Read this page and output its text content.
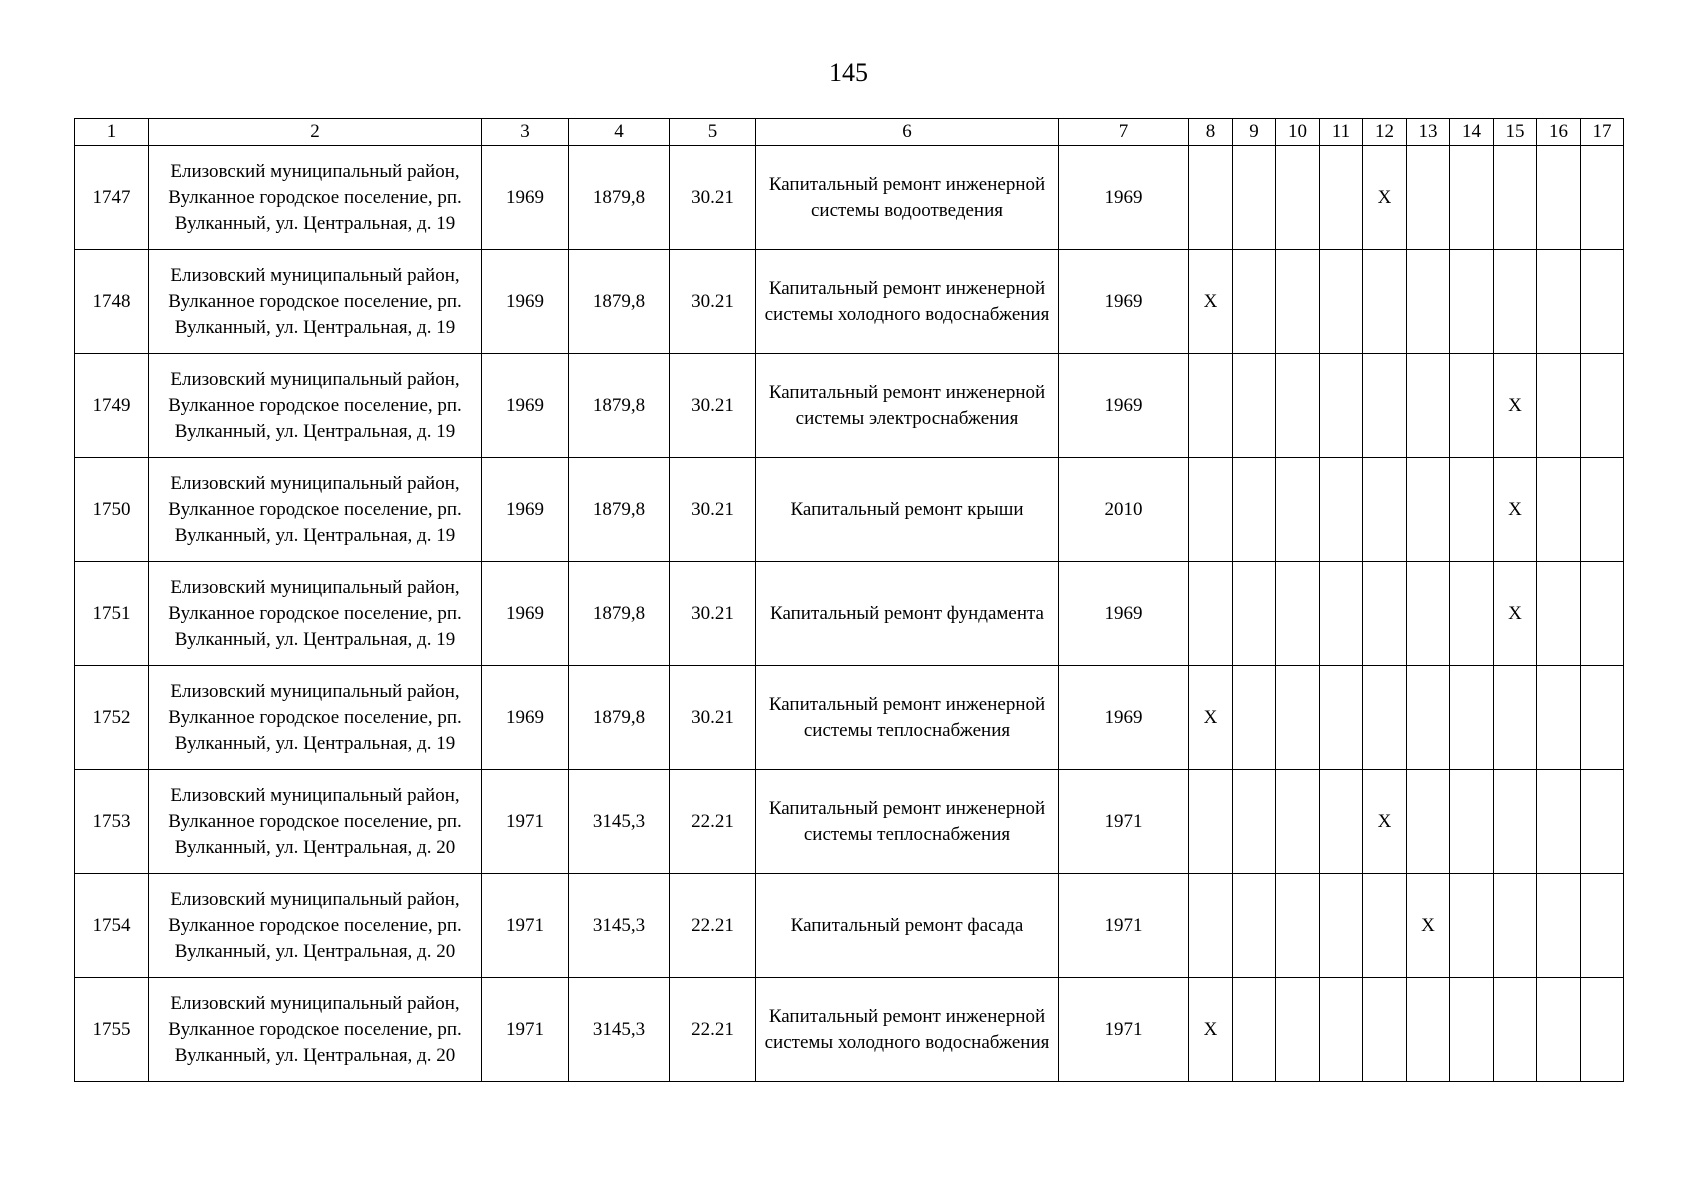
145
1	2	3	4	5	6	7	8	9	10	11	12	13	14	15	16	17
1747	Елизовский муниципальный район, Вулканное городское поселение, рп. Вулканный, ул. Центральная, д. 19	1969	1879,8	30.21	Капитальный ремонт инженерной системы водоотведения	1969					X					
1748	Елизовский муниципальный район, Вулканное городское поселение, рп. Вулканный, ул. Центральная, д. 19	1969	1879,8	30.21	Капитальный ремонт инженерной системы холодного водоснабжения	1969	X									
1749	Елизовский муниципальный район, Вулканное городское поселение, рп. Вулканный, ул. Центральная, д. 19	1969	1879,8	30.21	Капитальный ремонт инженерной системы электроснабжения	1969								X		
1750	Елизовский муниципальный район, Вулканное городское поселение, рп. Вулканный, ул. Центральная, д. 19	1969	1879,8	30.21	Капитальный ремонт крыши	2010								X		
1751	Елизовский муниципальный район, Вулканное городское поселение, рп. Вулканный, ул. Центральная, д. 19	1969	1879,8	30.21	Капитальный ремонт фундамента	1969								X		
1752	Елизовский муниципальный район, Вулканное городское поселение, рп. Вулканный, ул. Центральная, д. 19	1969	1879,8	30.21	Капитальный ремонт инженерной системы теплоснабжения	1969	X									
1753	Елизовский муниципальный район, Вулканное городское поселение, рп. Вулканный, ул. Центральная, д. 20	1971	3145,3	22.21	Капитальный ремонт инженерной системы теплоснабжения	1971					X					
1754	Елизовский муниципальный район, Вулканное городское поселение, рп. Вулканный, ул. Центральная, д. 20	1971	3145,3	22.21	Капитальный ремонт фасада	1971						X				
1755	Елизовский муниципальный район, Вулканное городское поселение, рп. Вулканный, ул. Центральная, д. 20	1971	3145,3	22.21	Капитальный ремонт инженерной системы холодного водоснабжения	1971	X									
